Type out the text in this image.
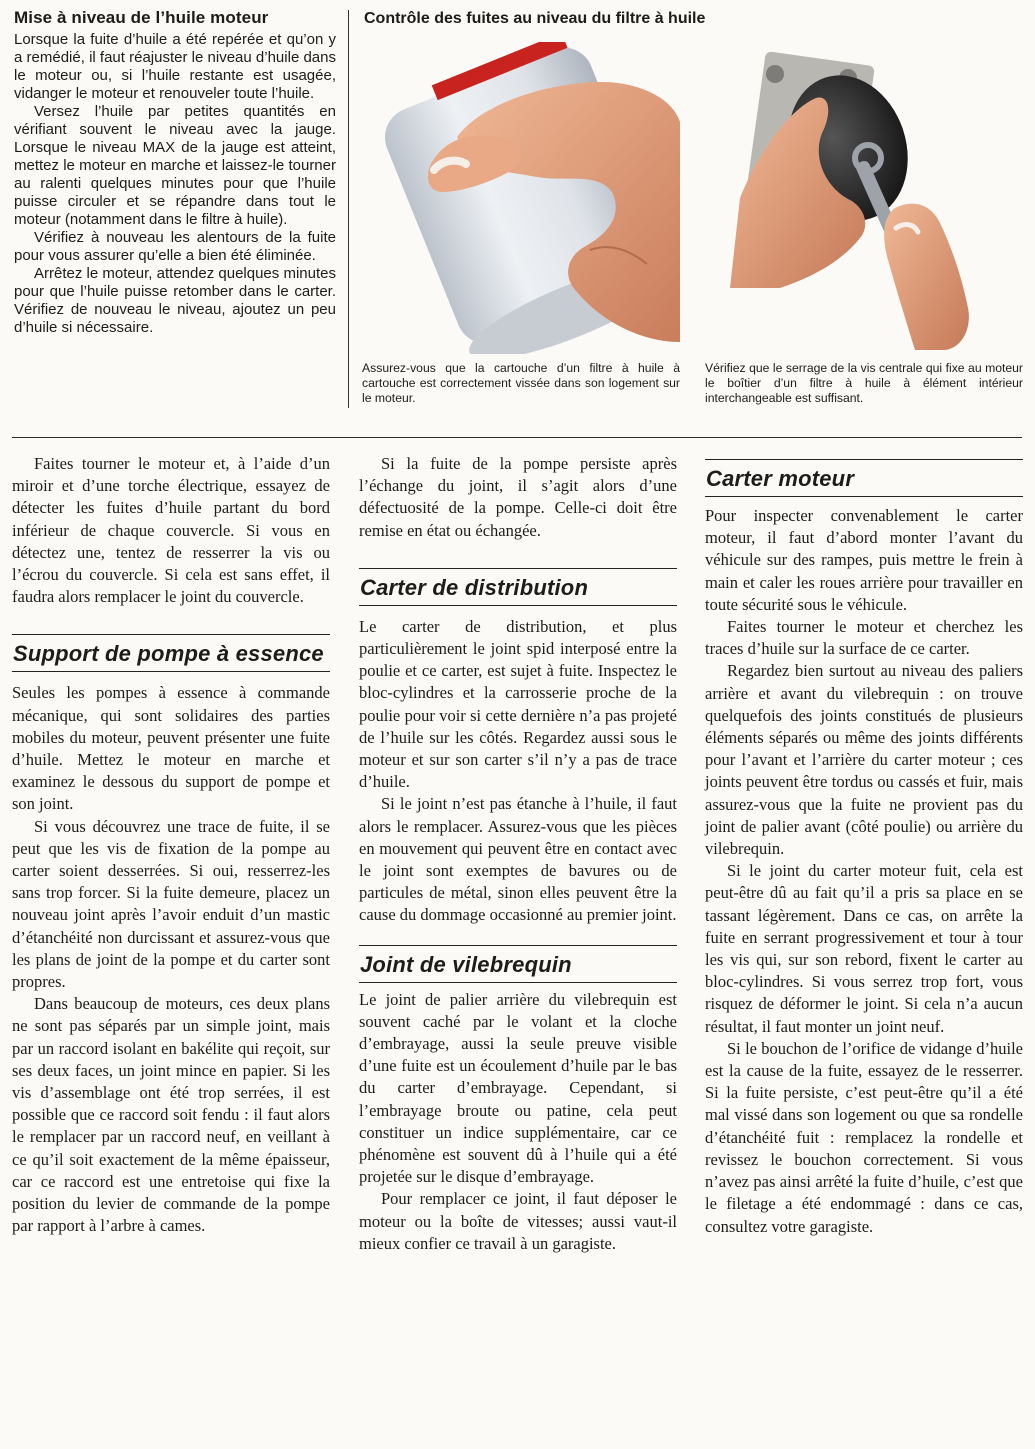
Mise à niveau de l’huile moteur

Lorsque la fuite d’huile a été repérée et qu’on y a remédié, il faut réajuster le niveau d’huile dans le moteur ou, si l’huile restante est usagée, vidanger le moteur et renouveler toute l’huile.

Versez l’huile par petites quantités en vérifiant souvent le niveau avec la jauge. Lorsque le niveau MAX de la jauge est atteint, mettez le moteur en marche et laissez-le tourner au ralenti quelques minutes pour que l’huile puisse circuler et se répandre dans tout le moteur (notamment dans le filtre à huile).

Vérifiez à nouveau les alentours de la fuite pour vous assurer qu’elle a bien été éliminée.

Arrêtez le moteur, attendez quelques minutes pour que l’huile puisse retomber dans le carter. Vérifiez de nouveau le niveau, ajoutez un peu d’huile si nécessaire.

Contrôle des fuites au niveau du filtre à huile

Assurez-vous que la cartouche d’un filtre à huile à cartouche est correctement vissée dans son logement sur le moteur.

Vérifiez que le serrage de la vis centrale qui fixe au moteur le boîtier d’un filtre à huile à élément intérieur interchangeable est suffisant.

Faites tourner le moteur et, à l’aide d’un miroir et d’une torche électrique, essayez de détecter les fuites d’huile partant du bord inférieur de chaque couvercle. Si vous en détectez une, tentez de resserrer la vis ou l’écrou du couvercle. Si cela est sans effet, il faudra alors remplacer le joint du couvercle.

Support de pompe à essence

Seules les pompes à essence à commande mécanique, qui sont solidaires des parties mobiles du moteur, peuvent présenter une fuite d’huile. Mettez le moteur en marche et examinez le dessous du support de pompe et son joint.

Si vous découvrez une trace de fuite, il se peut que les vis de fixation de la pompe au carter soient desserrées. Si oui, resserrez-les sans trop forcer. Si la fuite demeure, placez un nouveau joint après l’avoir enduit d’un mastic d’étanchéité non durcissant et assurez-vous que les plans de joint de la pompe et du carter sont propres.

Dans beaucoup de moteurs, ces deux plans ne sont pas séparés par un simple joint, mais par un raccord isolant en bakélite qui reçoit, sur ses deux faces, un joint mince en papier. Si les vis d’assemblage ont été trop serrées, il est possible que ce raccord soit fendu : il faut alors le remplacer par un raccord neuf, en veillant à ce qu’il soit exactement de la même épaisseur, car ce raccord est une entretoise qui fixe la position du levier de commande de la pompe par rapport à l’arbre à cames.

Si la fuite de la pompe persiste après l’échange du joint, il s’agit alors d’une défectuosité de la pompe. Celle-ci doit être remise en état ou échangée.

Carter de distribution

Le carter de distribution, et plus particulièrement le joint spid interposé entre la poulie et ce carter, est sujet à fuite. Inspectez le bloc-cylindres et la carrosserie proche de la poulie pour voir si cette dernière n’a pas projeté de l’huile sur les côtés. Regardez aussi sous le moteur et sur son carter s’il n’y a pas de trace d’huile.

Si le joint n’est pas étanche à l’huile, il faut alors le remplacer. Assurez-vous que les pièces en mouvement qui peuvent être en contact avec le joint sont exemptes de bavures ou de particules de métal, sinon elles peuvent être la cause du dommage occasionné au premier joint.

Joint de vilebrequin

Le joint de palier arrière du vilebrequin est souvent caché par le volant et la cloche d’embrayage, aussi la seule preuve visible d’une fuite est un écoulement d’huile par le bas du carter d’embrayage. Cependant, si l’embrayage broute ou patine, cela peut constituer un indice supplémentaire, car ce phénomène est souvent dû à l’huile qui a été projetée sur le disque d’embrayage.

Pour remplacer ce joint, il faut déposer le moteur ou la boîte de vitesses; aussi vaut-il mieux confier ce travail à un garagiste.

Carter moteur

Pour inspecter convenablement le carter moteur, il faut d’abord monter l’avant du véhicule sur des rampes, puis mettre le frein à main et caler les roues arrière pour travailler en toute sécurité sous le véhicule.

Faites tourner le moteur et cherchez les traces d’huile sur la surface de ce carter.

Regardez bien surtout au niveau des paliers arrière et avant du vilebrequin : on trouve quelquefois des joints constitués de plusieurs éléments séparés ou même des joints différents pour l’avant et l’arrière du carter moteur ; ces joints peuvent être tordus ou cassés et fuir, mais assurez-vous que la fuite ne provient pas du joint de palier avant (côté poulie) ou arrière du vilebrequin.

Si le joint du carter moteur fuit, cela est peut-être dû au fait qu’il a pris sa place en se tassant légèrement. Dans ce cas, on arrête la fuite en serrant progressivement et tour à tour les vis qui, sur son rebord, fixent le carter au bloc-cylindres. Si vous serrez trop fort, vous risquez de déformer le joint. Si cela n’a aucun résultat, il faut monter un joint neuf.

Si le bouchon de l’orifice de vidange d’huile est la cause de la fuite, essayez de le resserrer. Si la fuite persiste, c’est peut-être qu’il a été mal vissé dans son logement ou que sa rondelle d’étanchéité fuit : remplacez la rondelle et revissez le bouchon correctement. Si vous n’avez pas ainsi arrêté la fuite d’huile, c’est que le filetage a été endommagé : dans ce cas, consultez votre garagiste.
